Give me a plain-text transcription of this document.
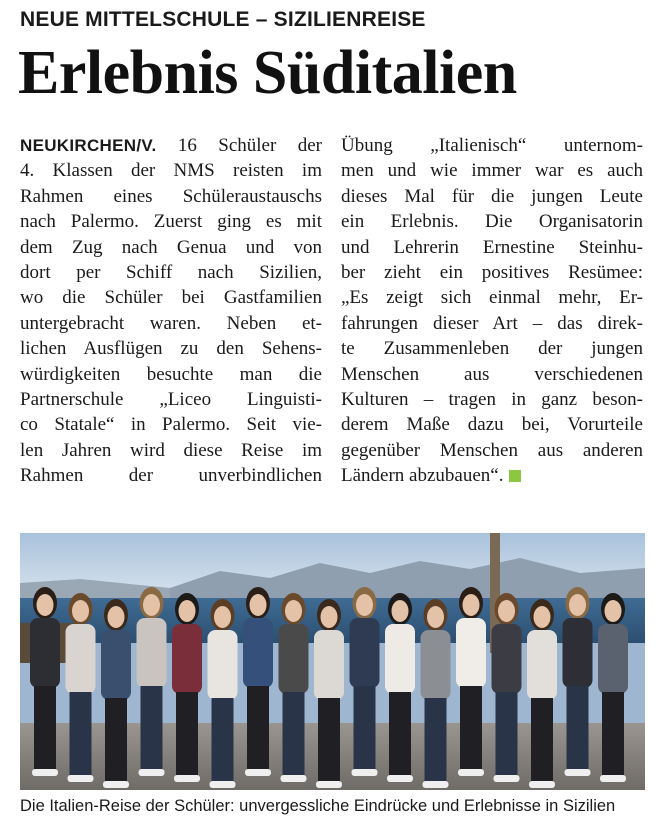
NEUE MITTELSCHULE – SIZILIENREISE
Erlebnis Süditalien
NEUKIRCHEN/V. 16 Schüler der
4. Klassen der NMS reisten im
Rahmen eines Schüleraustauschs
nach Palermo. Zuerst ging es mit
dem Zug nach Genua und von
dort per Schiff nach Sizilien,
wo die Schüler bei Gastfamilien
untergebracht waren. Neben et-
lichen Ausflügen zu den Sehens-
würdigkeiten besuchte man die
Partnerschule „Liceo Linguisti-
co Statale“ in Palermo. Seit vie-
len Jahren wird diese Reise im
Rahmen der unverbindlichen
Übung „Italienisch“ unternom-
men und wie immer war es auch
dieses Mal für die jungen Leute
ein Erlebnis. Die Organisatorin
und Lehrerin Ernestine Steinhu-
ber zieht ein positives Resümee:
„Es zeigt sich einmal mehr, Er-
fahrungen dieser Art – das direk-
te Zusammenleben der jungen
Menschen aus verschiedenen
Kulturen – tragen in ganz beson-
derem Maße dazu bei, Vorurteile
gegenüber Menschen aus anderen
Ländern abzubauen“.
Die Italien-Reise der Schüler: unvergessliche Eindrücke und Erlebnisse in Sizilien
